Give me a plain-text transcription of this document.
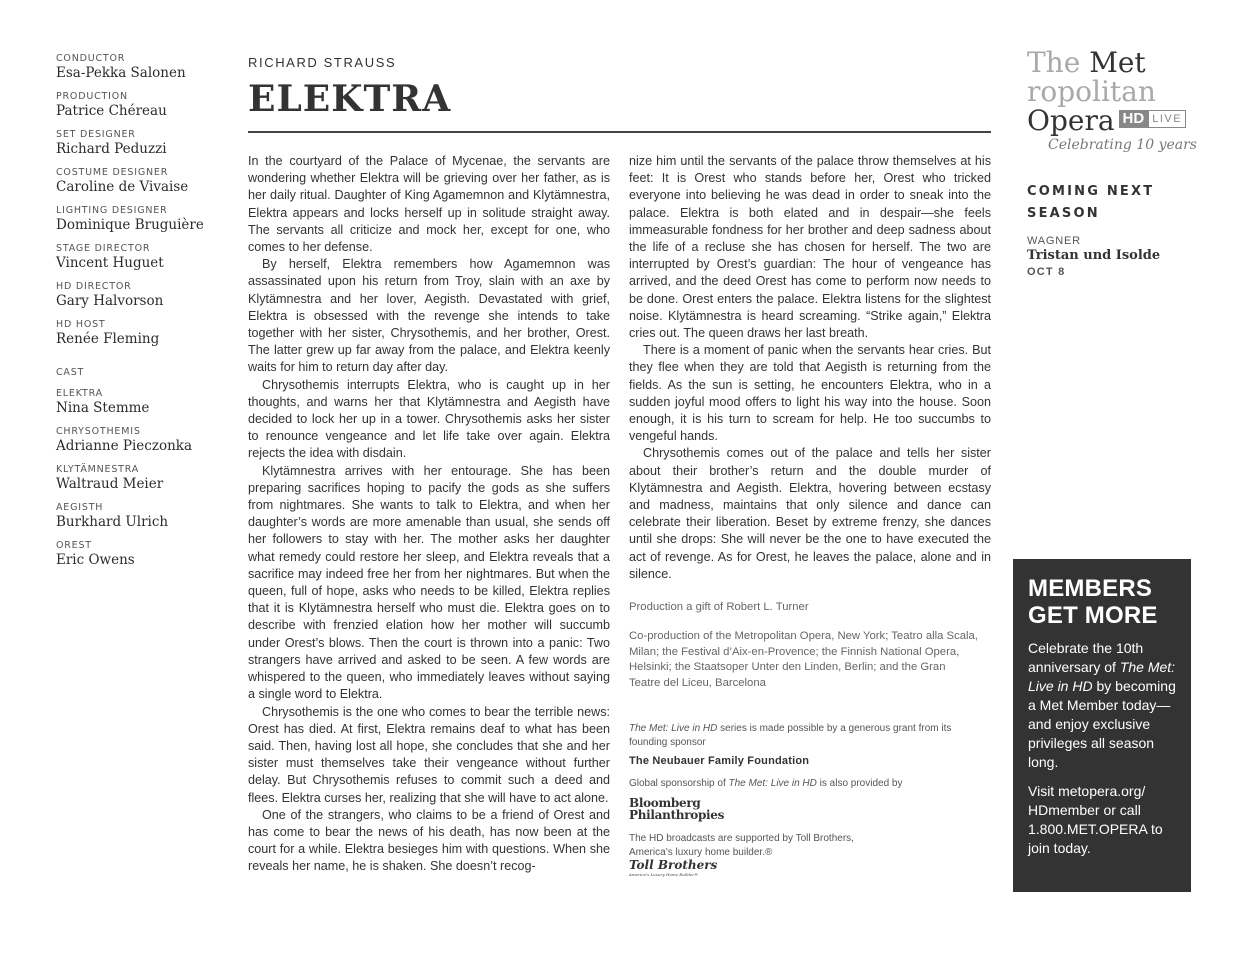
CONDUCTOR
Esa-Pekka Salonen
PRODUCTION
Patrice Chéreau
SET DESIGNER
Richard Peduzzi
COSTUME DESIGNER
Caroline de Vivaise
LIGHTING DESIGNER
Dominique Bruguière
STAGE DIRECTOR
Vincent Huguet
HD DIRECTOR
Gary Halvorson
HD HOST
Renée Fleming
CAST
ELEKTRA
Nina Stemme
CHRYSOTHEMIS
Adrianne Pieczonka
KLYTÄMNESTRA
Waltraud Meier
AEGISTH
Burkhard Ulrich
OREST
Eric Owens
RICHARD STRAUSS
ELEKTRA

In the courtyard of the Palace of Mycenae, the servants are wondering whether Elektra will be grieving over her father, as is her daily ritual. Daughter of King Agamemnon and Klytämnestra, Elektra appears and locks herself up in solitude straight away. The servants all criticize and mock her, except for one, who comes to her defense.

By herself, Elektra remembers how Agamemnon was assassinated upon his return from Troy, slain with an axe by Klytämnestra and her lover, Aegisth. Devastated with grief, Elektra is obsessed with the revenge she intends to take together with her sister, Chrysothemis, and her brother, Orest. The latter grew up far away from the palace, and Elektra keenly waits for him to return day after day.

Chrysothemis interrupts Elektra, who is caught up in her thoughts, and warns her that Klytämnestra and Aegisth have decided to lock her up in a tower. Chrysothemis asks her sister to renounce vengeance and let life take over again. Elektra rejects the idea with disdain.

Klytämnestra arrives with her entourage. She has been preparing sacrifices hoping to pacify the gods as she suffers from nightmares. She wants to talk to Elektra, and when her daughter’s words are more amenable than usual, she sends off her followers to stay with her. The mother asks her daughter what remedy could restore her sleep, and Elektra reveals that a sacrifice may indeed free her from her nightmares. But when the queen, full of hope, asks who needs to be killed, Elektra replies that it is Klytämnestra herself who must die. Elektra goes on to describe with frenzied elation how her mother will succumb under Orest’s blows. Then the court is thrown into a panic: Two strangers have arrived and asked to be seen. A few words are whispered to the queen, who immediately leaves without saying a single word to Elektra.

Chrysothemis is the one who comes to bear the terrible news: Orest has died. At first, Elektra remains deaf to what has been said. Then, having lost all hope, she concludes that she and her sister must themselves take their vengeance without further delay. But Chrysothemis refuses to commit such a deed and flees. Elektra curses her, realizing that she will have to act alone.

One of the strangers, who claims to be a friend of Orest and has come to bear the news of his death, has now been at the court for a while. Elektra besieges him with questions. When she reveals her name, he is shaken. She doesn’t recog-

nize him until the servants of the palace throw themselves at his feet: It is Orest who stands before her, Orest who tricked everyone into believing he was dead in order to sneak into the palace. Elektra is both elated and in despair—she feels immeasurable fondness for her brother and deep sadness about the life of a recluse she has chosen for herself. The two are interrupted by Orest’s guardian: The hour of vengeance has arrived, and the deed Orest has come to perform now needs to be done. Orest enters the palace. Elektra listens for the slightest noise. Klytämnestra is heard screaming. “Strike again,” Elektra cries out. The queen draws her last breath.

There is a moment of panic when the servants hear cries. But they flee when they are told that Aegisth is returning from the fields. As the sun is setting, he encounters Elektra, who in a sudden joyful mood offers to light his way into the house. Soon enough, it is his turn to scream for help. He too succumbs to vengeful hands.

Chrysothemis comes out of the palace and tells her sister about their brother’s return and the double murder of Klytämnestra and Aegisth. Elektra, hovering between ecstasy and madness, maintains that only silence and dance can celebrate their liberation. Beset by extreme frenzy, she dances until she drops: She will never be the one to have executed the act of revenge. As for Orest, he leaves the palace, alone and in silence.

Production a gift of Robert L. Turner
Co-production of the Metropolitan Opera, New York; Teatro alla Scala, Milan; the Festival d’Aix-en-Provence; the Finnish National Opera, Helsinki; the Staatsoper Unter den Linden, Berlin; and the Gran Teatre del Liceu, Barcelona
The Met: Live in HD series is made possible by a generous grant from its founding sponsor
The Neubauer Family Foundation
Global sponsorship of The Met: Live in HD is also provided by
Bloomberg
Philanthropies
The HD broadcasts are supported by Toll Brothers, America’s luxury home builder.®
Toll Brothers
America’s Luxury Home Builder®
The Met
ropolitan
Opera HD LIVE
Celebrating 10 years
COMING NEXT SEASON
WAGNER
Tristan und Isolde
OCT 8
MEMBERS
GET MORE
Celebrate the 10th anniversary of The Met: Live in HD by becoming a Met Member today—and enjoy exclusive privileges all season long.
Visit metopera.org/ HDmember or call 1.800.MET.OPERA to join today.
